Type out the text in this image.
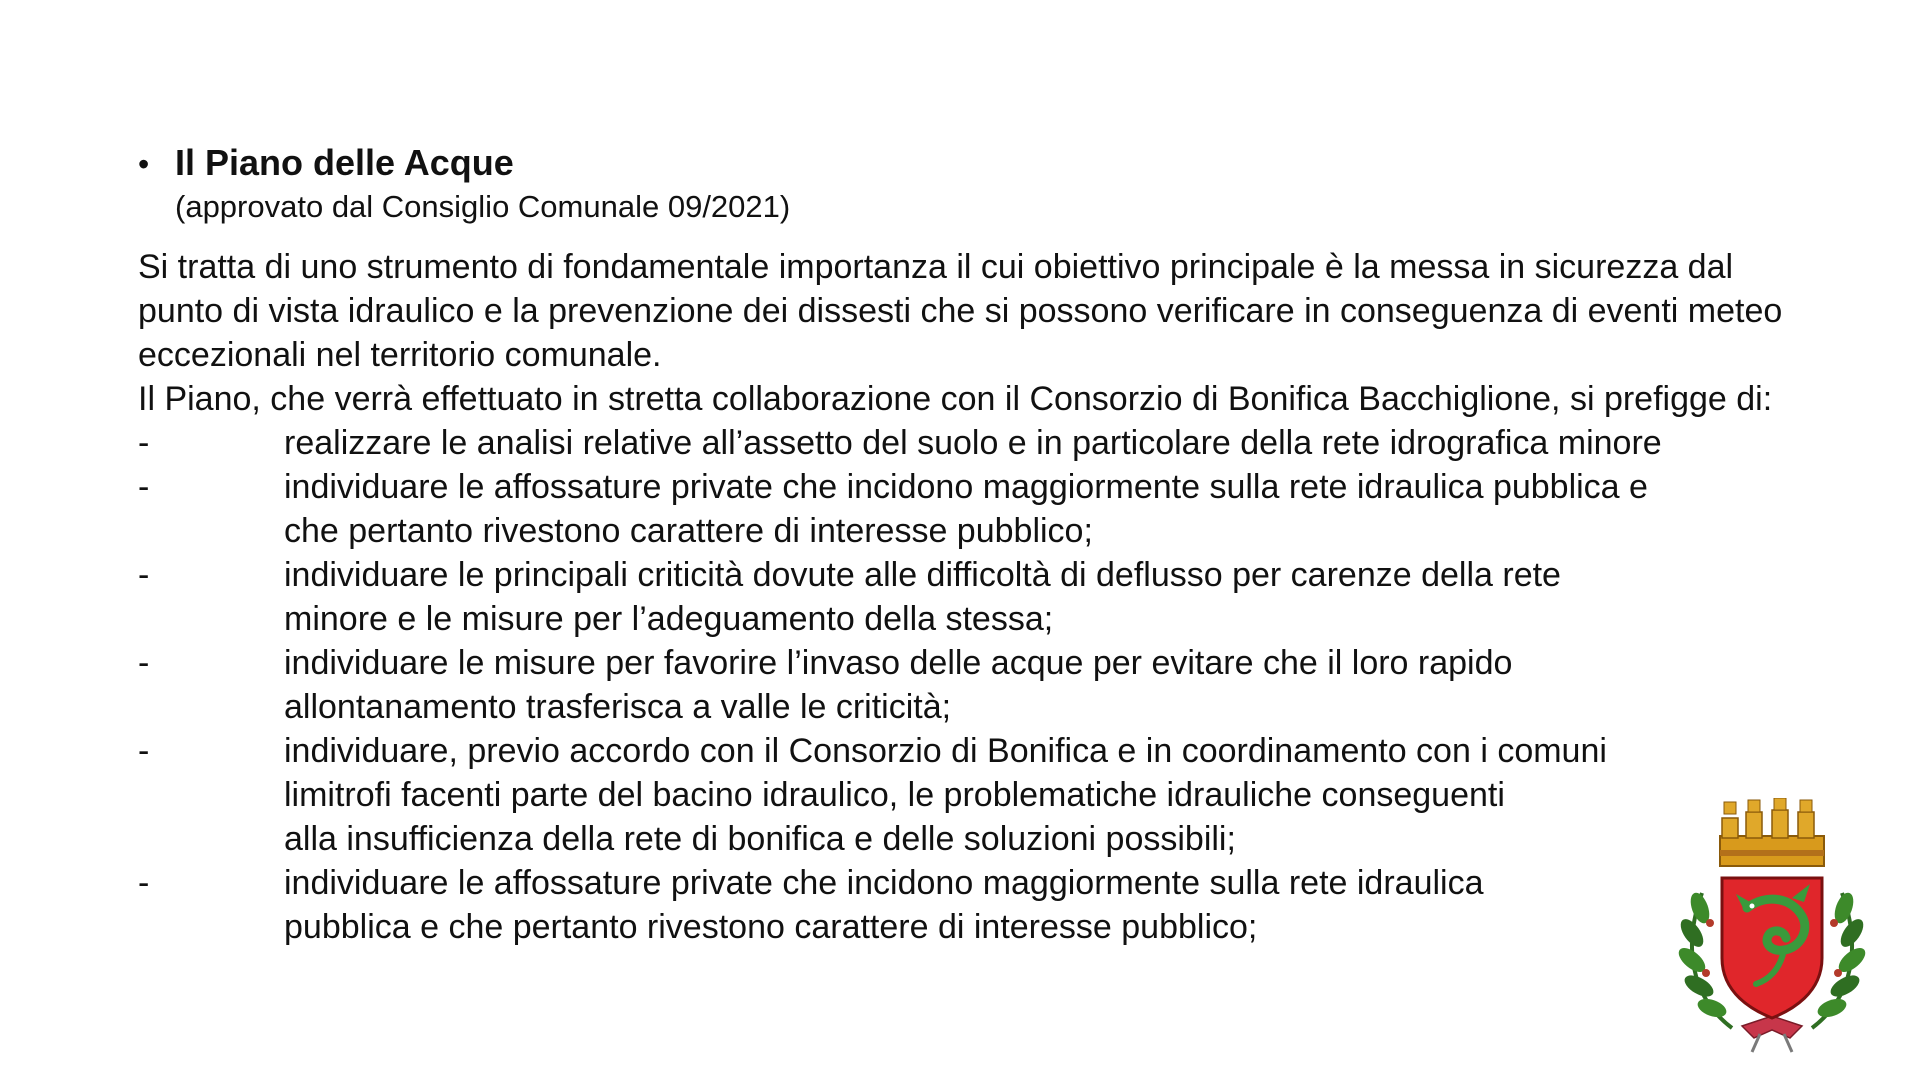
• Il Piano delle Acque
(approvato dal Consiglio Comunale 09/2021)

Si tratta di uno strumento di fondamentale importanza il cui obiettivo principale è la messa in sicurezza dal punto di vista idraulico e la prevenzione dei dissesti che si possono verificare in conseguenza di eventi meteo eccezionali nel territorio comunale.

Il Piano, che verrà effettuato in stretta collaborazione con il Consorzio di Bonifica Bacchiglione, si prefigge di:

-	realizzare le analisi relative all’assetto del suolo e in particolare della rete idrografica minore
-	individuare le affossature private che incidono maggiormente sulla rete idraulica pubblica e
che pertanto rivestono carattere di interesse pubblico;
-	individuare le principali criticità dovute alle difficoltà di deflusso per carenze della rete
minore e le misure per l’adeguamento della stessa;
-	individuare le misure per favorire l’invaso delle acque per evitare che il loro rapido
allontanamento trasferisca a valle le criticità;
-	individuare, previo accordo con il Consorzio di Bonifica e in coordinamento con i comuni
limitrofi facenti parte del bacino idraulico, le problematiche idrauliche conseguenti
alla insufficienza della rete di bonifica e delle soluzioni possibili;
-	individuare le affossature private che incidono maggiormente sulla rete idraulica
pubblica e che pertanto rivestono carattere di interesse pubblico;
